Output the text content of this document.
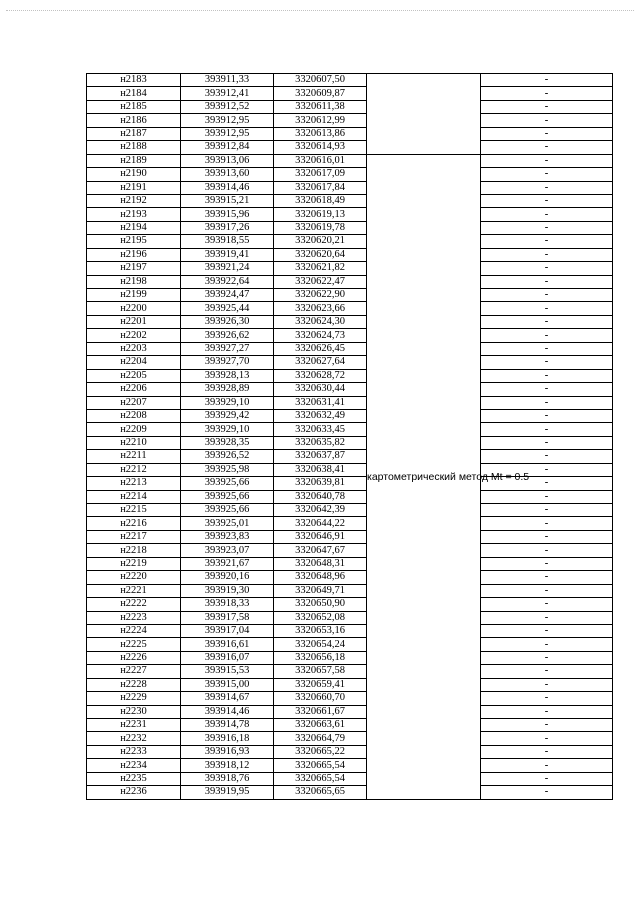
н2183	393911,33	3320607,50		-
н2184	393912,41	3320609,87		-
н2185	393912,52	3320611,38		-
н2186	393912,95	3320612,99		-
н2187	393912,95	3320613,86		-
н2188	393912,84	3320614,93		-
н2189	393913,06	3320616,01	картометрический метод Mt = 0.5	-
н2190	393913,60	3320617,09		-
н2191	393914,46	3320617,84		-
н2192	393915,21	3320618,49		-
н2193	393915,96	3320619,13		-
н2194	393917,26	3320619,78		-
н2195	393918,55	3320620,21		-
н2196	393919,41	3320620,64		-
н2197	393921,24	3320621,82		-
н2198	393922,64	3320622,47		-
н2199	393924,47	3320622,90		-
н2200	393925,44	3320623,66		-
н2201	393926,30	3320624,30		-
н2202	393926,62	3320624,73		-
н2203	393927,27	3320626,45		-
н2204	393927,70	3320627,64		-
н2205	393928,13	3320628,72		-
н2206	393928,89	3320630,44		-
н2207	393929,10	3320631,41		-
н2208	393929,42	3320632,49		-
н2209	393929,10	3320633,45		-
н2210	393928,35	3320635,82		-
н2211	393926,52	3320637,87		-
н2212	393925,98	3320638,41		-
н2213	393925,66	3320639,81		-
н2214	393925,66	3320640,78		-
н2215	393925,66	3320642,39		-
н2216	393925,01	3320644,22		-
н2217	393923,83	3320646,91		-
н2218	393923,07	3320647,67		-
н2219	393921,67	3320648,31		-
н2220	393920,16	3320648,96		-
н2221	393919,30	3320649,71		-
н2222	393918,33	3320650,90		-
н2223	393917,58	3320652,08		-
н2224	393917,04	3320653,16		-
н2225	393916,61	3320654,24		-
н2226	393916,07	3320656,18		-
н2227	393915,53	3320657,58		-
н2228	393915,00	3320659,41		-
н2229	393914,67	3320660,70		-
н2230	393914,46	3320661,67		-
н2231	393914,78	3320663,61		-
н2232	393916,18	3320664,79		-
н2233	393916,93	3320665,22		-
н2234	393918,12	3320665,54		-
н2235	393918,76	3320665,54		-
н2236	393919,95	3320665,65		-
